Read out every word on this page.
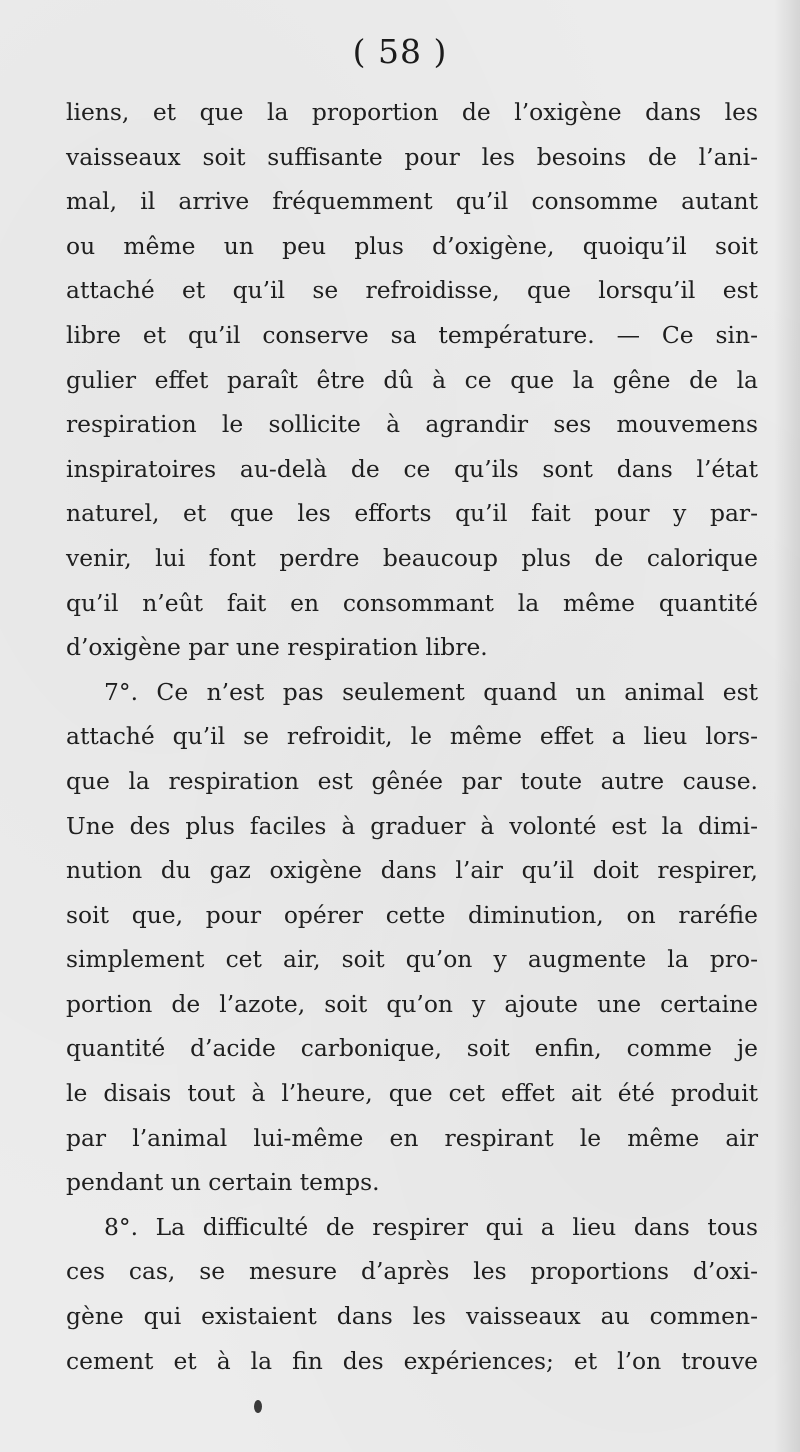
( 58 )
liens, et que la proportion de l’oxigène dans les
vaisseaux soit suffisante pour les besoins de l’ani-
mal, il arrive fréquemment qu’il consomme autant
ou même un peu plus d’oxigène, quoiqu’il soit
attaché et qu’il se refroidisse, que lorsqu’il est
libre et qu’il conserve sa température. — Ce sin-
gulier effet paraît être dû à ce que la gêne de la
respiration le sollicite à agrandir ses mouvemens
inspiratoires au-delà de ce qu’ils sont dans l’état
naturel, et que les efforts qu’il fait pour y par-
venir, lui font perdre beaucoup plus de calorique
qu’il n’eût fait en consommant la même quantité
d’oxigène par une respiration libre.
7°. Ce n’est pas seulement quand un animal est
attaché qu’il se refroidit, le même effet a lieu lors-
que la respiration est gênée par toute autre cause.
Une des plus faciles à graduer à volonté est la dimi-
nution du gaz oxigène dans l’air qu’il doit respirer,
soit que, pour opérer cette diminution, on raréfie
simplement cet air, soit qu’on y augmente la pro-
portion de l’azote, soit qu’on y ajoute une certaine
quantité d’acide carbonique, soit enfin, comme je
le disais tout à l’heure, que cet effet ait été produit
par l’animal lui-même en respirant le même air
pendant un certain temps.
8°. La difficulté de respirer qui a lieu dans tous
ces cas, se mesure d’après les proportions d’oxi-
gène qui existaient dans les vaisseaux au commen-
cement et à la fin des expériences; et l’on trouve
